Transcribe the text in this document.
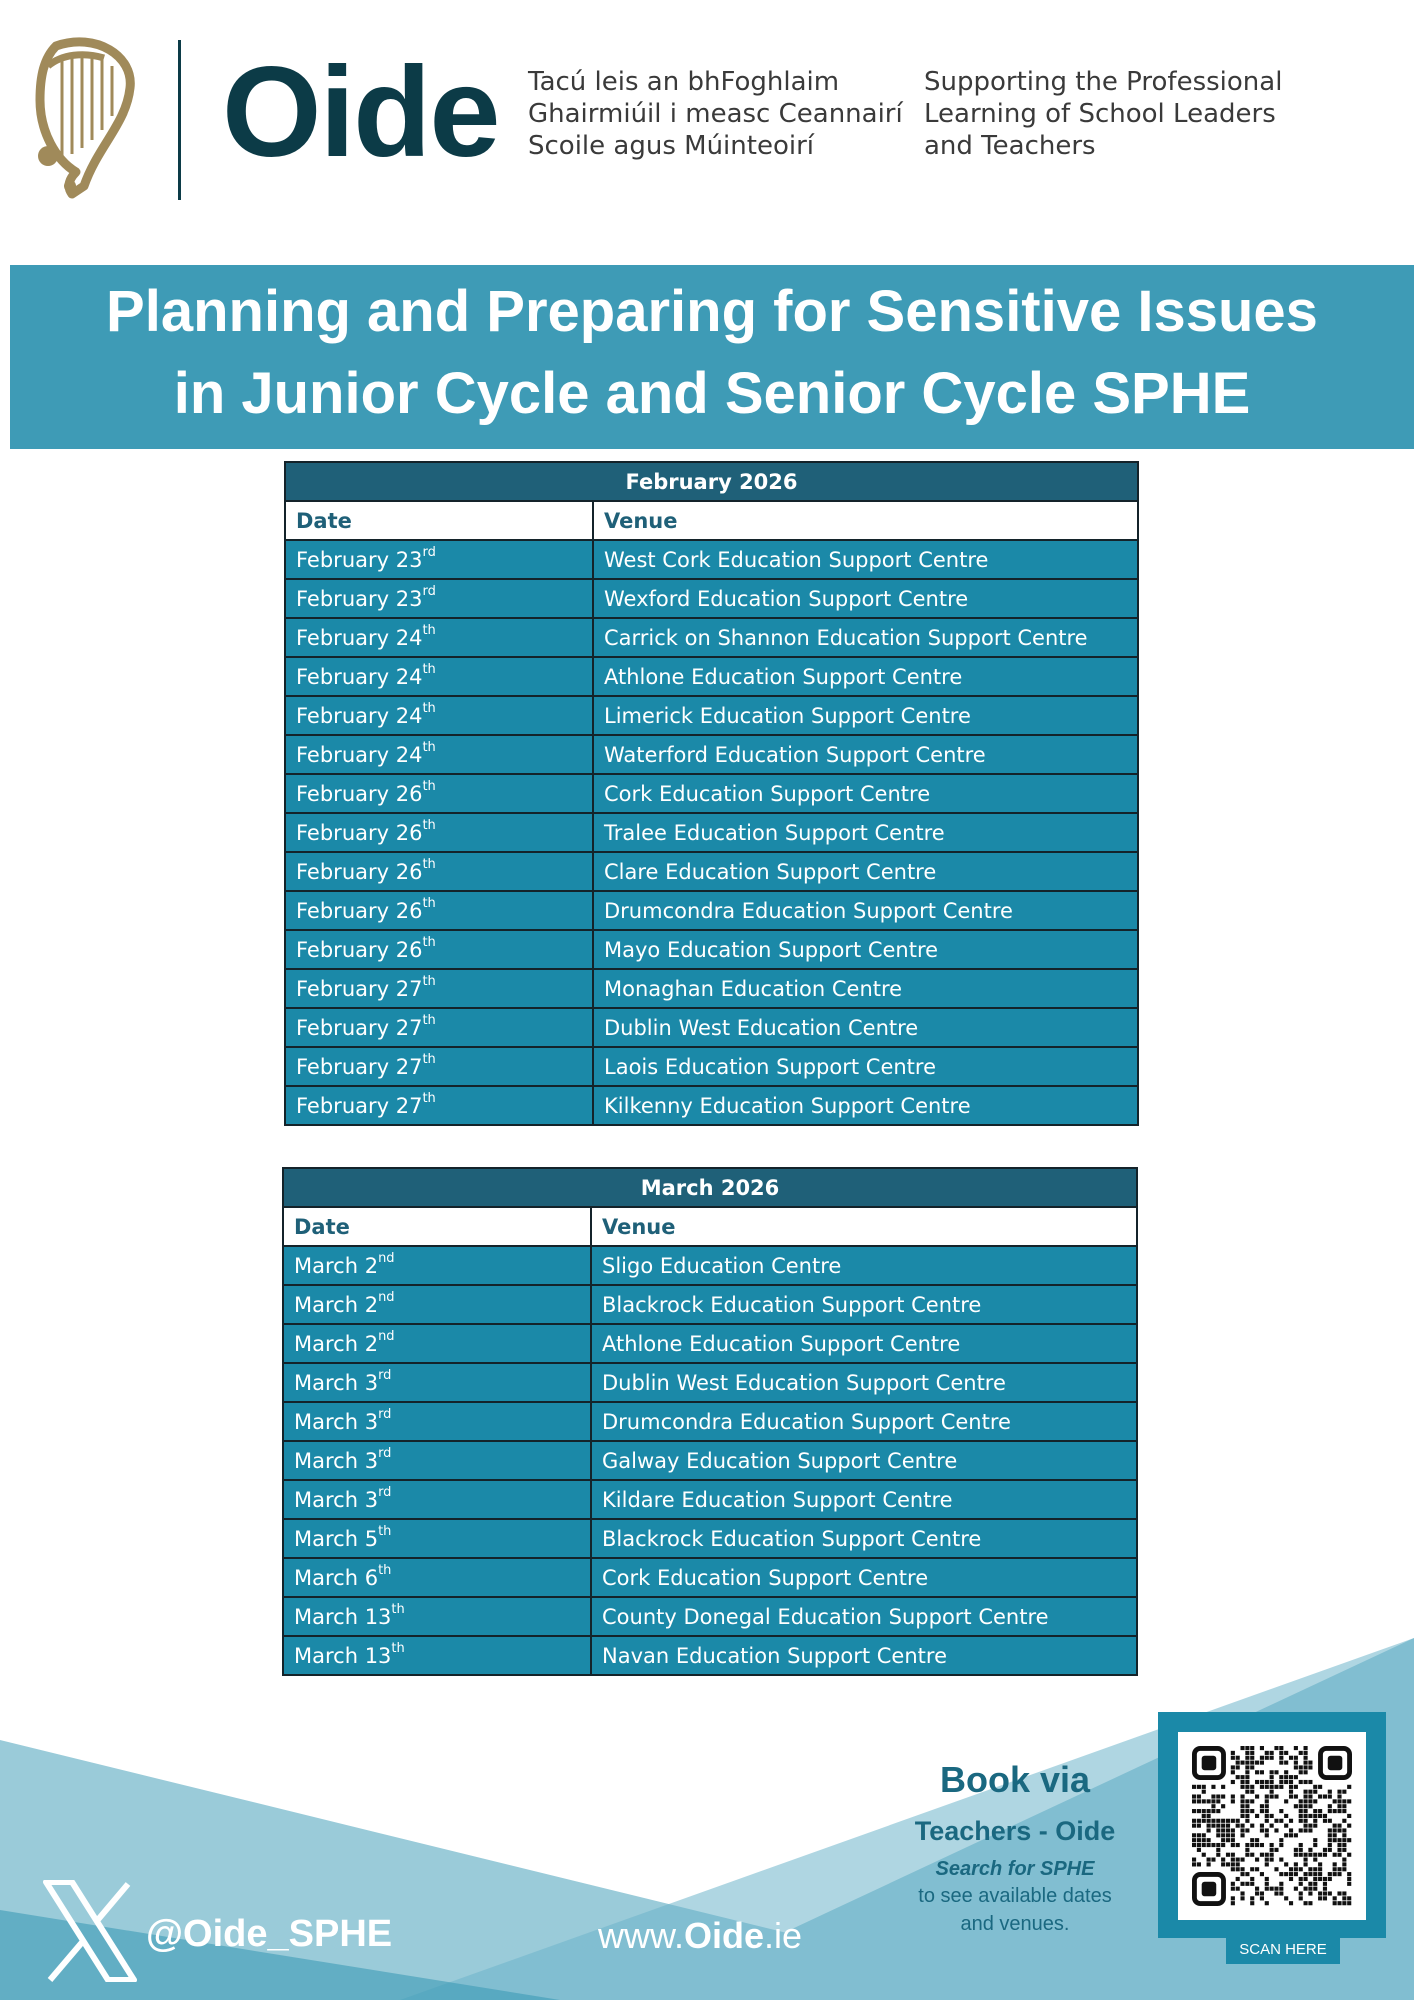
Oide Tacú leis an bhFoghlaim
Ghairmiúil i measc Ceannairí
Scoile agus Múinteoirí
Supporting the Professional
Learning of School Leaders
and Teachers
Planning and Preparing for Sensitive Issues
in Junior Cycle and Senior Cycle SPHE
February 2026	
Date	Venue
February 23rd	West Cork Education Support Centre
February 23rd	Wexford Education Support Centre
February 24th	Carrick on Shannon Education Support Centre
February 24th	Athlone Education Support Centre
February 24th	Limerick Education Support Centre
February 24th	Waterford Education Support Centre
February 26th	Cork Education Support Centre
February 26th	Tralee Education Support Centre
February 26th	Clare Education Support Centre
February 26th	Drumcondra Education Support Centre
February 26th	Mayo Education Support Centre
February 27th	Monaghan Education Centre
February 27th	Dublin West Education Centre
February 27th	Laois Education Support Centre
February 27th	Kilkenny Education Support Centre
March 2026	
Date	Venue
March 2nd	Sligo Education Centre
March 2nd	Blackrock Education Support Centre
March 2nd	Athlone Education Support Centre
March 3rd	Dublin West Education Support Centre
March 3rd	Drumcondra Education Support Centre
March 3rd	Galway Education Support Centre
March 3rd	Kildare Education Support Centre
March 5th	Blackrock Education Support Centre
March 6th	Cork Education Support Centre
March 13th	County Donegal Education Support Centre
March 13th	Navan Education Support Centre
@Oide_SPHE	www.Oide.ie
Book via
Teachers - Oide
Search for SPHE
to see available dates
and venues.
SCAN HERE
